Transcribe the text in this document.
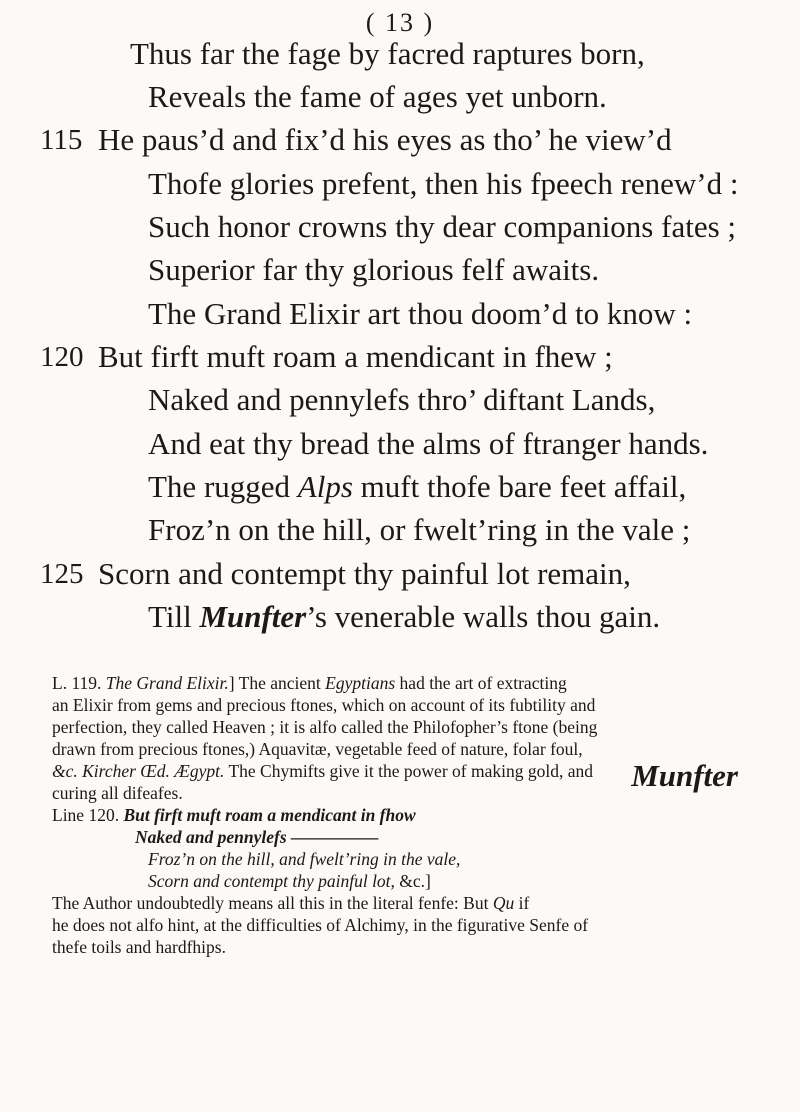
( 13 )
Thus far the fage by facred raptures born,
Reveals the fame of ages yet unborn.
115 He paus’d and fix’d his eyes as tho’ he view’d
Thofe glories prefent, then his fpeech renew’d :
Such honor crowns thy dear companions fates ;
Superior far thy glorious felf awaits.
The Grand Elixir art thou doom’d to know :
120 But firft muft roam a mendicant in fhew ;
Naked and pennylefs thro’ diftant Lands,
And eat thy bread the alms of ftranger hands.
The rugged Alps muft thofe bare feet affail,
Froz’n on the hill, or fwelt’ring in the vale ;
125 Scorn and contempt thy painful lot remain,
Till Munfter’s venerable walls thou gain.
Munfter
L. 119. The Grand Elixir.] The ancient Egyptians had the art of extracting
an Elixir from gems and precious ftones, which on account of its fubtility and
perfection, they called Heaven ; it is alfo called the Philofopher’s ftone (being
drawn from precious ftones,) Aquavitæ, vegetable feed of nature, folar foul,
&c. Kircher Œd. Ægypt. The Chymifts give it the power of making gold, and
curing all difeafes.
Line 120. But firft muft roam a mendicant in fhow
Naked and pennylefs —————
Froz’n on the hill, and fwelt’ring in the vale,
Scorn and contempt thy painful lot, &c.]
The Author undoubtedly means all this in the literal fenfe: But Qu if
he does not alfo hint, at the difficulties of Alchimy, in the figurative Senfe of
thefe toils and hardfhips.
